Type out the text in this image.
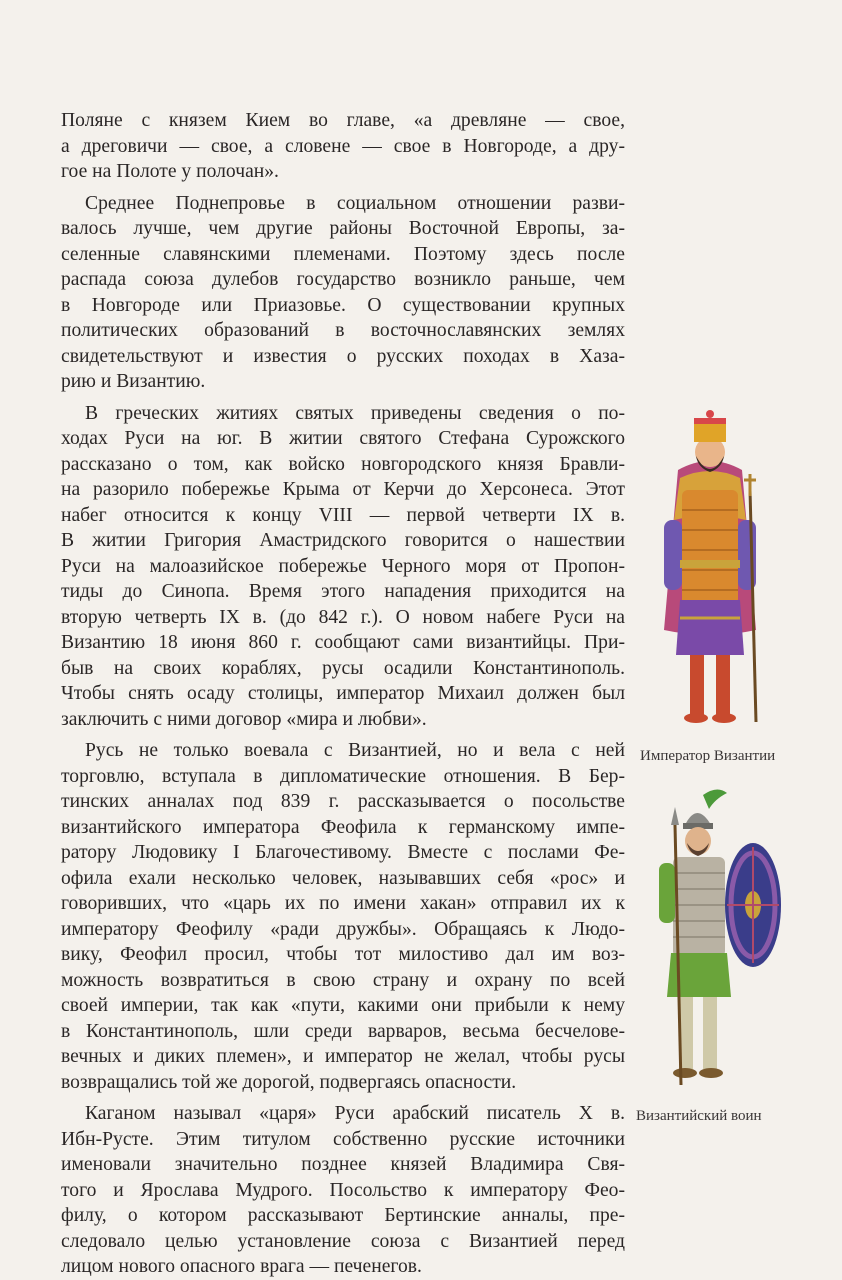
Поляне с князем Кием во главе, «а древляне — свое,
а дреговичи — свое, а словене — свое в Новгороде, а дру-
гое на Полоте у полочан».

Среднее Поднепровье в социальном отношении разви-
валось лучше, чем другие районы Восточной Европы, за-
селенные славянскими племенами. Поэтому здесь после
распада союза дулебов государство возникло раньше, чем
в Новгороде или Приазовье. О существовании крупных
политических образований в восточнославянских землях
свидетельствуют и известия о русских походах в Хаза-
рию и Византию.

В греческих житиях святых приведены сведения о по-
ходах Руси на юг. В житии святого Стефана Сурожского
рассказано о том, как войско новгородского князя Бравли-
на разорило побережье Крыма от Керчи до Херсонеса. Этот
набег относится к концу VIII — первой четверти IX в.
В житии Григория Амастридского говорится о нашествии
Руси на малоазийское побережье Черного моря от Пропон-
тиды до Синопа. Время этого нападения приходится на
вторую четверть IX в. (до 842 г.). О новом набеге Руси на
Византию 18 июня 860 г. сообщают сами византийцы. При-
быв на своих кораблях, русы осадили Константинополь.
Чтобы снять осаду столицы, император Михаил должен был
заключить с ними договор «мира и любви».

Русь не только воевала с Византией, но и вела с ней
торговлю, вступала в дипломатические отношения. В Бер-
тинских анналах под 839 г. рассказывается о посольстве
византийского императора Феофила к германскому импе-
ратору Людовику I Благочестивому. Вместе с послами Фе-
офила ехали несколько человек, называвших себя «рос» и
говоривших, что «царь их по имени хакан» отправил их к
императору Феофилу «ради дружбы». Обращаясь к Людо-
вику, Феофил просил, чтобы тот милостиво дал им воз-
можность возвратиться в свою страну и охрану по всей
своей империи, так как «пути, какими они прибыли к нему
в Константинополь, шли среди варваров, весьма бесчелове-
вечных и диких племен», и император не желал, чтобы русы
возвращались той же дорогой, подвергаясь опасности.

Каганом называл «царя» Руси арабский писатель X в.
Ибн-Русте. Этим титулом собственно русские источники
именовали значительно позднее князей Владимира Свя-
того и Ярослава Мудрого. Посольство к императору Фео-
филу, о котором рассказывают Бертинские анналы, пре-
следовало целью установление союза с Византией перед
лицом нового опасного врага — печенегов.

Император Византии
Византийский воин
